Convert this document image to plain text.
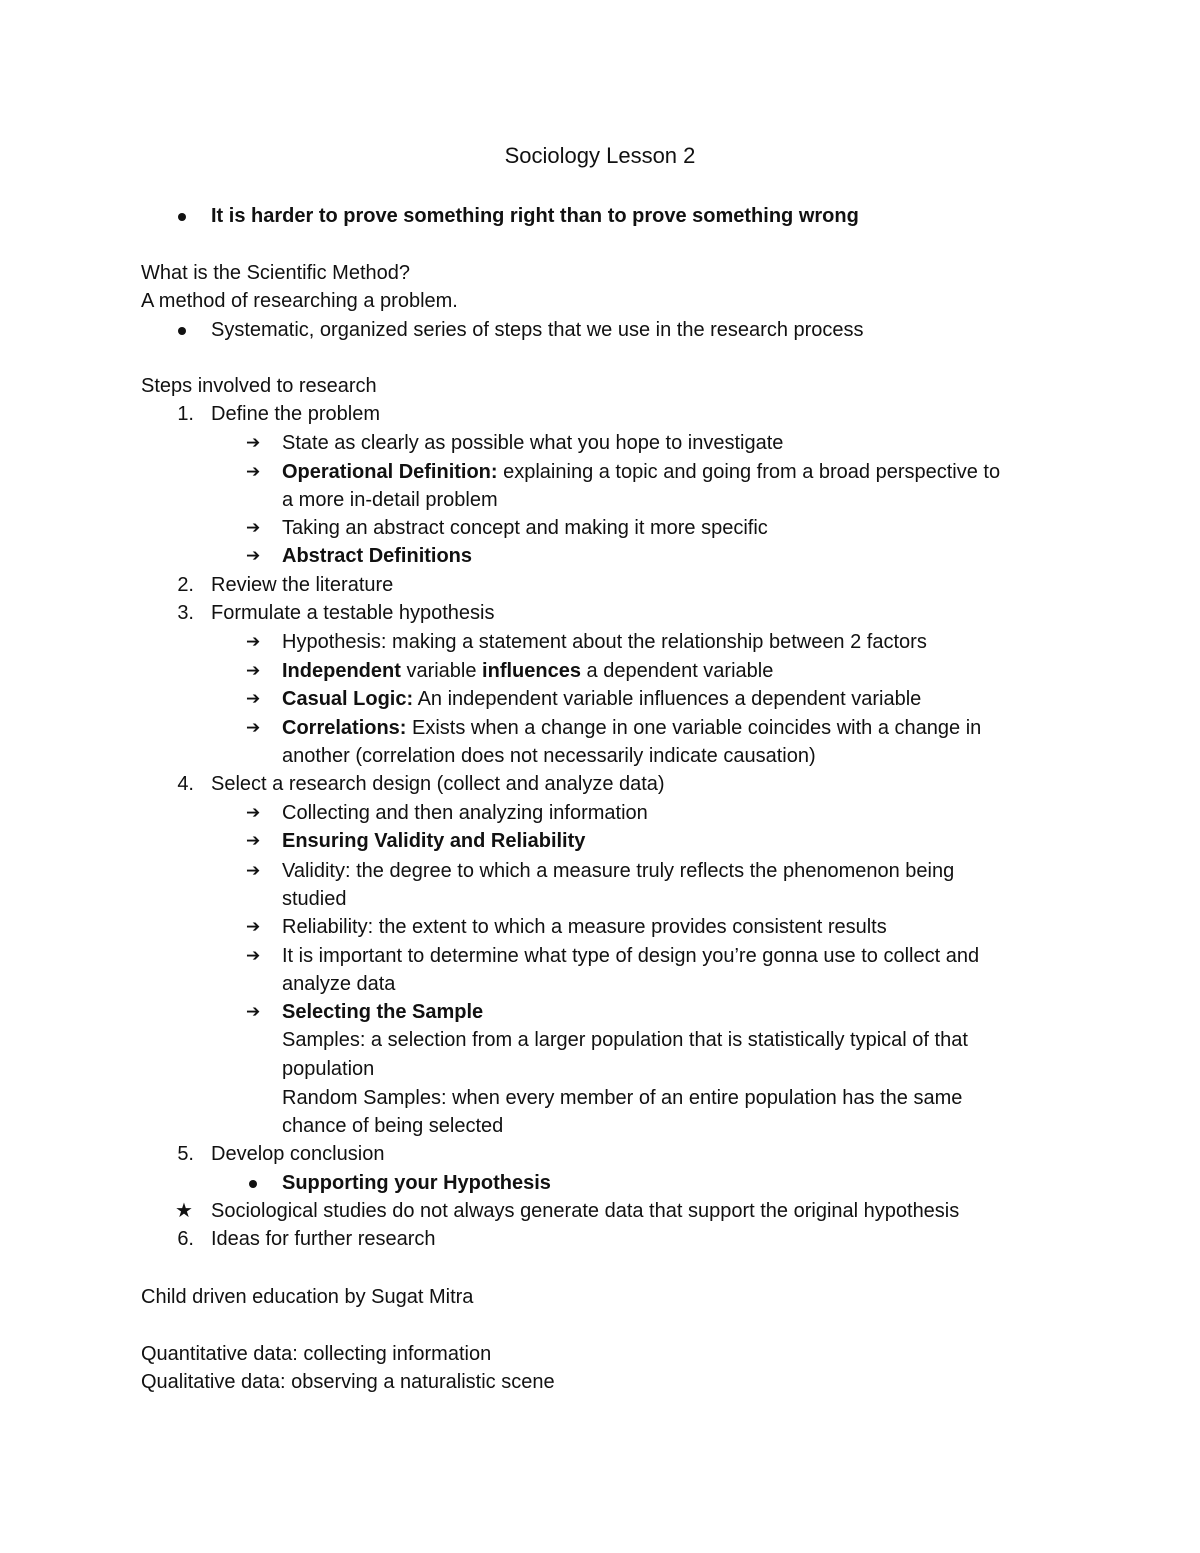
Sociology Lesson 2
It is harder to prove something right than to prove something wrong
What is the Scientific Method?
A method of researching a problem.
Systematic, organized series of steps that we use in the research process
Steps involved to research
1. Define the problem
➔ State as clearly as possible what you hope to investigate
➔ Operational Definition: explaining a topic and going from a broad perspective to
a more in-detail problem
➔ Taking an abstract concept and making it more specific
➔ Abstract Definitions
2. Review the literature
3. Formulate a testable hypothesis
➔ Hypothesis: making a statement about the relationship between 2 factors
➔ Independent variable influences a dependent variable
➔ Casual Logic: An independent variable influences a dependent variable
➔ Correlations: Exists when a change in one variable coincides with a change in
another (correlation does not necessarily indicate causation)
4. Select a research design (collect and analyze data)
➔ Collecting and then analyzing information
➔ Ensuring Validity and Reliability
➔ Validity: the degree to which a measure truly reflects the phenomenon being
studied
➔ Reliability: the extent to which a measure provides consistent results
➔ It is important to determine what type of design you’re gonna use to collect and
analyze data
➔ Selecting the Sample
Samples: a selection from a larger population that is statistically typical of that
population
Random Samples: when every member of an entire population has the same
chance of being selected
5. Develop conclusion
Supporting your Hypothesis
★ Sociological studies do not always generate data that support the original hypothesis
6. Ideas for further research
Child driven education by Sugat Mitra
Quantitative data: collecting information
Qualitative data: observing a naturalistic scene
